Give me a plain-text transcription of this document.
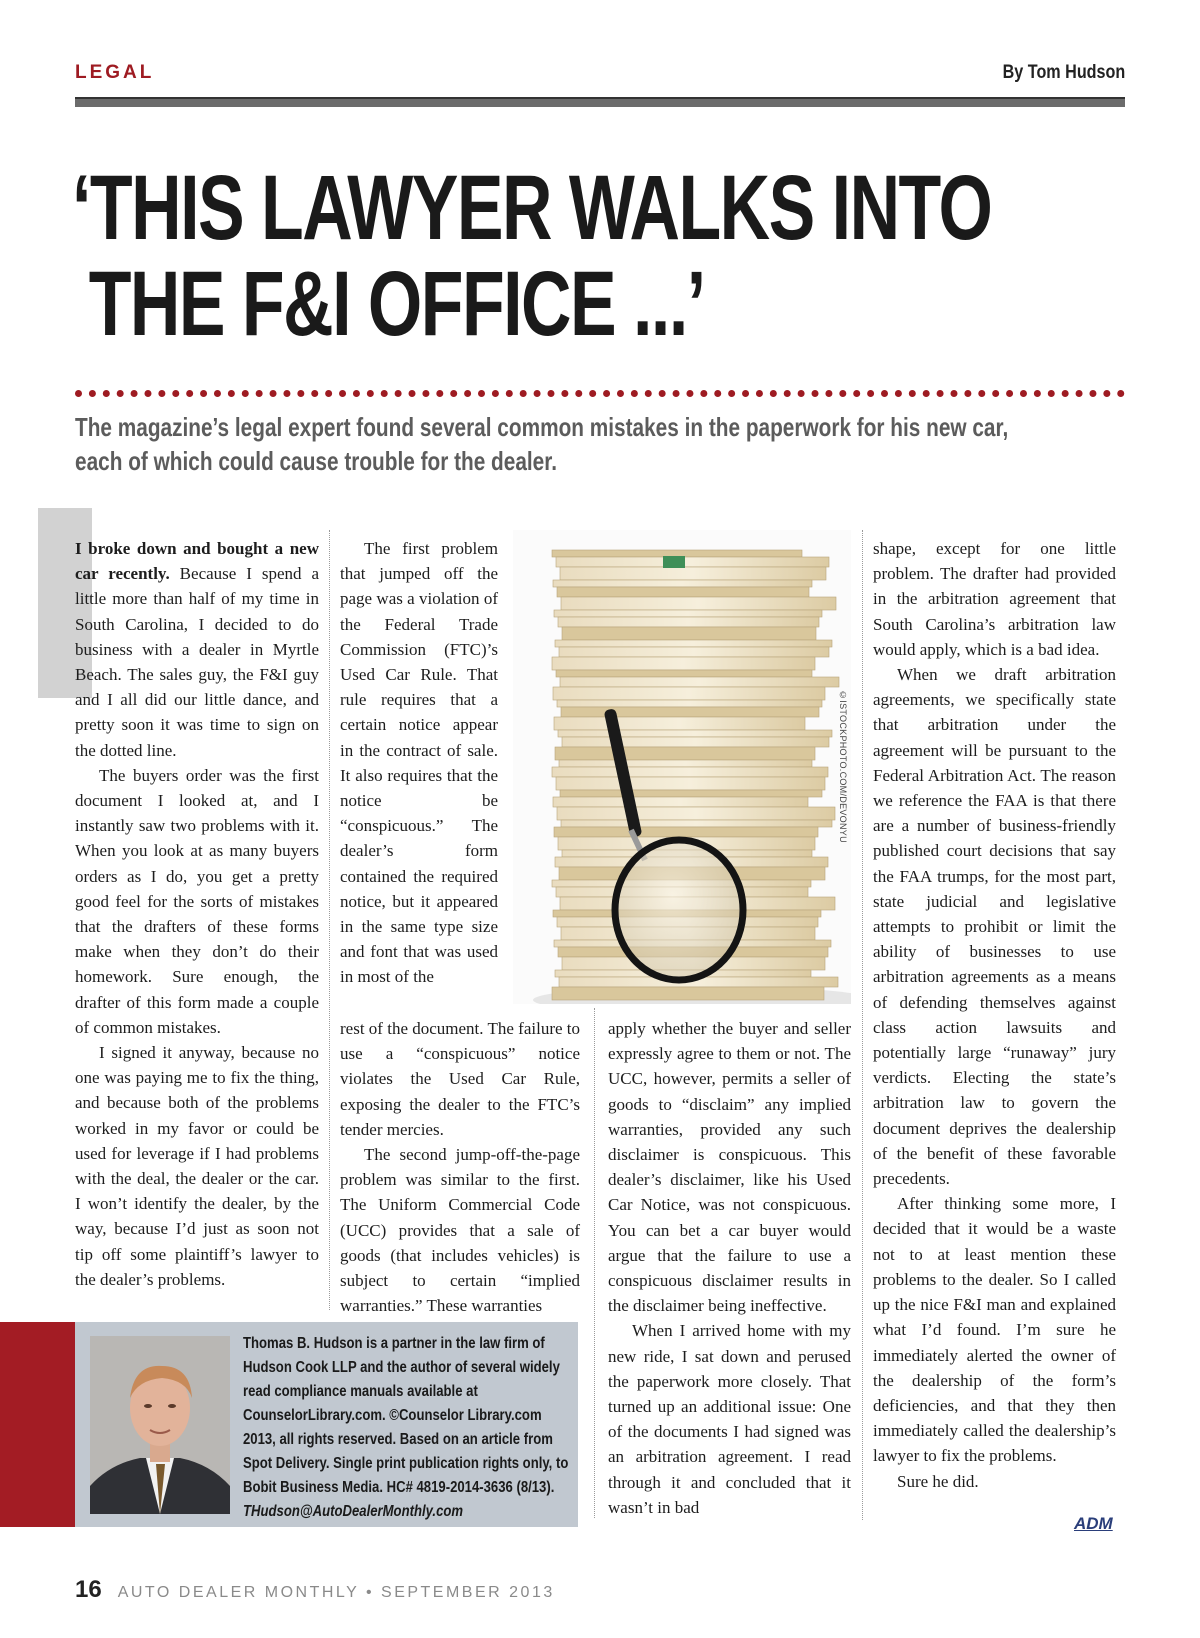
LEGAL	By Tom Hudson
‘THIS LAWYER WALKS INTO
THE F&I OFFICE ...’
The magazine’s legal expert found several common mistakes in the paperwork for his new car,
each of which could cause trouble for the dealer.

I broke down and bought a new car recently. Because I spend a little more than half of my time in South Carolina, I decided to do business with a dealer in Myrtle Beach. The sales guy, the F&I guy and I all did our little dance, and pretty soon it was time to sign on the dotted line.

The buyers order was the first document I looked at, and I instantly saw two problems with it. When you look at as many buyers orders as I do, you get a pretty good feel for the sorts of mistakes that the drafters of these forms make when they don’t do their homework. Sure enough, the drafter of this form made a couple of common mistakes.

I signed it anyway, because no one was paying me to fix the thing, and because both of the problems worked in my favor or could be used for leverage if I had problems with the deal, the dealer or the car. I won’t identify the dealer, by the way, because I’d just as soon not tip off some plaintiff’s lawyer to the dealer’s problems.

The first problem that jumped off the page was a violation of the Federal Trade Commission (FTC)’s Used Car Rule. That rule requires that a certain notice appear in the contract of sale. It also requires that the notice be “conspicuous.” The dealer’s form contained the required notice, but it appeared in the same type size and font that was used in most of the

rest of the document. The failure to use a “conspicuous” notice violates the Used Car Rule, exposing the dealer to the FTC’s tender mercies.

The second jump-off-the-page problem was similar to the first. The Uniform Commercial Code (UCC) provides that a sale of goods (that includes vehicles) is subject to certain “implied warranties.” These warranties

©ISTOCKPHOTO.COM/DEVONYU

apply whether the buyer and seller expressly agree to them or not. The UCC, however, permits a seller of goods to “disclaim” any implied warranties, provided any such disclaimer is conspicuous. This dealer’s disclaimer, like his Used Car Notice, was not conspicuous. You can bet a car buyer would argue that the failure to use a conspicuous disclaimer results in the disclaimer being ineffective.

When I arrived home with my new ride, I sat down and perused the paperwork more closely. That turned up an additional issue: One of the documents I had signed was an arbitration agreement. I read through it and concluded that it wasn’t in bad

shape, except for one little problem. The drafter had provided in the arbitration agreement that South Carolina’s arbitration law would apply, which is a bad idea.

When we draft arbitration agreements, we specifically state that arbitration under the agreement will be pursuant to the Federal Arbitration Act. The reason we reference the FAA is that there are a number of business-friendly published court decisions that say the FAA trumps, for the most part, state judicial and legislative attempts to prohibit or limit the ability of businesses to use arbitration agreements as a means of defending themselves against class action lawsuits and potentially large “runaway” jury verdicts. Electing the state’s arbitration law to govern the document deprives the dealership of the benefit of these favorable precedents.

After thinking some more, I decided that it would be a waste not to at least mention these problems to the dealer. So I called up the nice F&I man and explained what I’d found. I’m sure he immediately alerted the owner of the dealership of the form’s deficiencies, and that they then immediately called the dealership’s lawyer to fix the problems.

Sure he did.

ADM
Thomas B. Hudson is a partner in the law firm of Hudson Cook LLP and the author of several widely read compliance manuals available at CounselorLibrary.com. ©Counselor Library.com 2013, all rights reserved. Based on an article from Spot Delivery. Single print publication rights only, to Bobit Business Media. HC# 4819-2014-3636 (8/13).
THudson@AutoDealerMonthly.com
16 AUTO DEALER MONTHLY • SEPTEMBER 2013
